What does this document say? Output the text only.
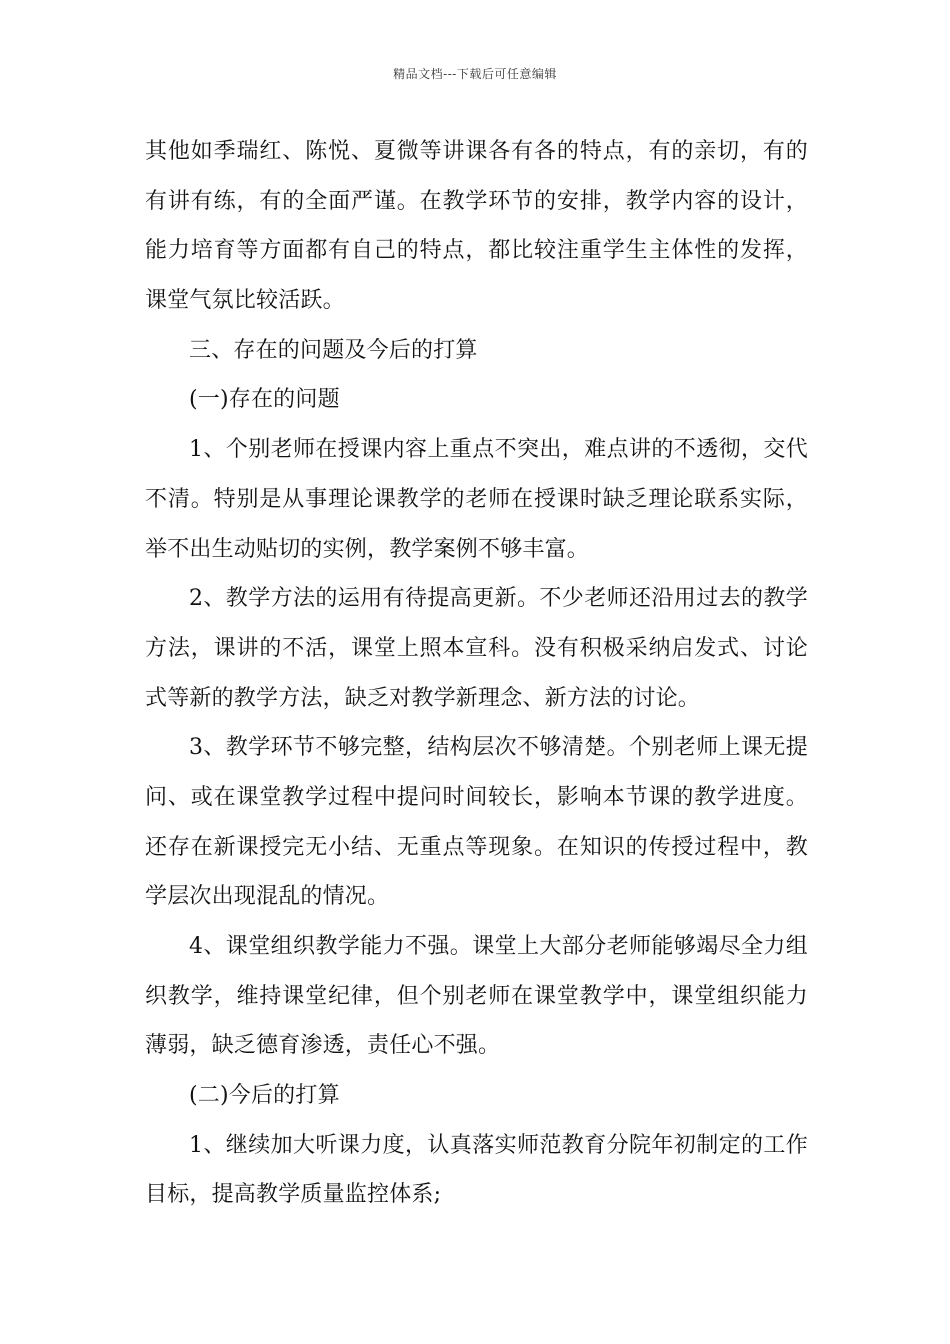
精品文档---下载后可任意编辑
其他如季瑞红、陈悦、夏微等讲课各有各的特点，有的亲切，有的
有讲有练，有的全面严谨。在教学环节的安排，教学内容的设计，
能力培育等方面都有自己的特点，都比较注重学生主体性的发挥，
课堂气氛比较活跃。
三、存在的问题及今后的打算
(一)存在的问题
1、个别老师在授课内容上重点不突出，难点讲的不透彻，交代
不清。特别是从事理论课教学的老师在授课时缺乏理论联系实际，
举不出生动贴切的实例，教学案例不够丰富。
2、教学方法的运用有待提高更新。不少老师还沿用过去的教学
方法，课讲的不活，课堂上照本宣科。没有积极采纳启发式、讨论
式等新的教学方法，缺乏对教学新理念、新方法的讨论。
3、教学环节不够完整，结构层次不够清楚。个别老师上课无提
问、或在课堂教学过程中提问时间较长，影响本节课的教学进度。
还存在新课授完无小结、无重点等现象。在知识的传授过程中，教
学层次出现混乱的情况。
4、课堂组织教学能力不强。课堂上大部分老师能够竭尽全力组
织教学，维持课堂纪律，但个别老师在课堂教学中，课堂组织能力
薄弱，缺乏德育渗透，责任心不强。
(二)今后的打算
1、继续加大听课力度，认真落实师范教育分院年初制定的工作
目标，提高教学质量监控体系;
